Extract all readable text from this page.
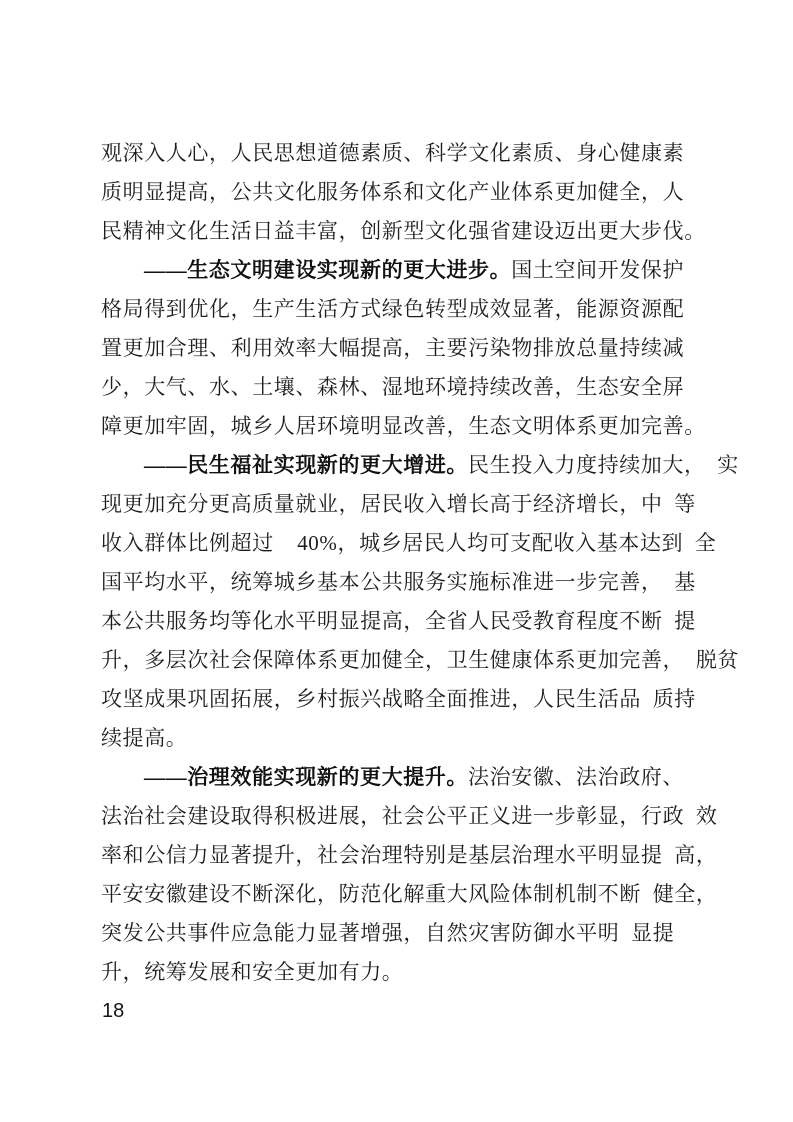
观深入人心，人民思想道德素质、科学文化素质、身心健康素

质明显提高，公共文化服务体系和文化产业体系更加健全，人

民精神文化生活日益丰富，创新型文化强省建设迈出更大步伐。

——生态文明建设实现新的更大进步。国土空间开发保护

格局得到优化，生产生活方式绿色转型成效显著，能源资源配

置更加合理、利用效率大幅提高，主要污染物排放总量持续减

少，大气、水、土壤、森林、湿地环境持续改善，生态安全屏

障更加牢固，城乡人居环境明显改善，生态文明体系更加完善。

——民生福祉实现新的更大增进。民生投入力度持续加大，  实

现更加充分更高质量就业，居民收入增长高于经济增长，中  等

收入群体比例超过    40%，城乡居民人均可支配收入基本达到  全

国平均水平，统筹城乡基本公共服务实施标准进一步完善，  基

本公共服务均等化水平明显提高，全省人民受教育程度不断  提

升，多层次社会保障体系更加健全，卫生健康体系更加完善，  脱贫

攻坚成果巩固拓展，乡村振兴战略全面推进，人民生活品  质持

续提高。

——治理效能实现新的更大提升。法治安徽、法治政府、

法治社会建设取得积极进展，社会公平正义进一步彰显，行政  效

率和公信力显著提升，社会治理特别是基层治理水平明显提  高，

平安安徽建设不断深化，防范化解重大风险体制机制不断  健全，

突发公共事件应急能力显著增强，自然灾害防御水平明  显提

升，统筹发展和安全更加有力。

18
